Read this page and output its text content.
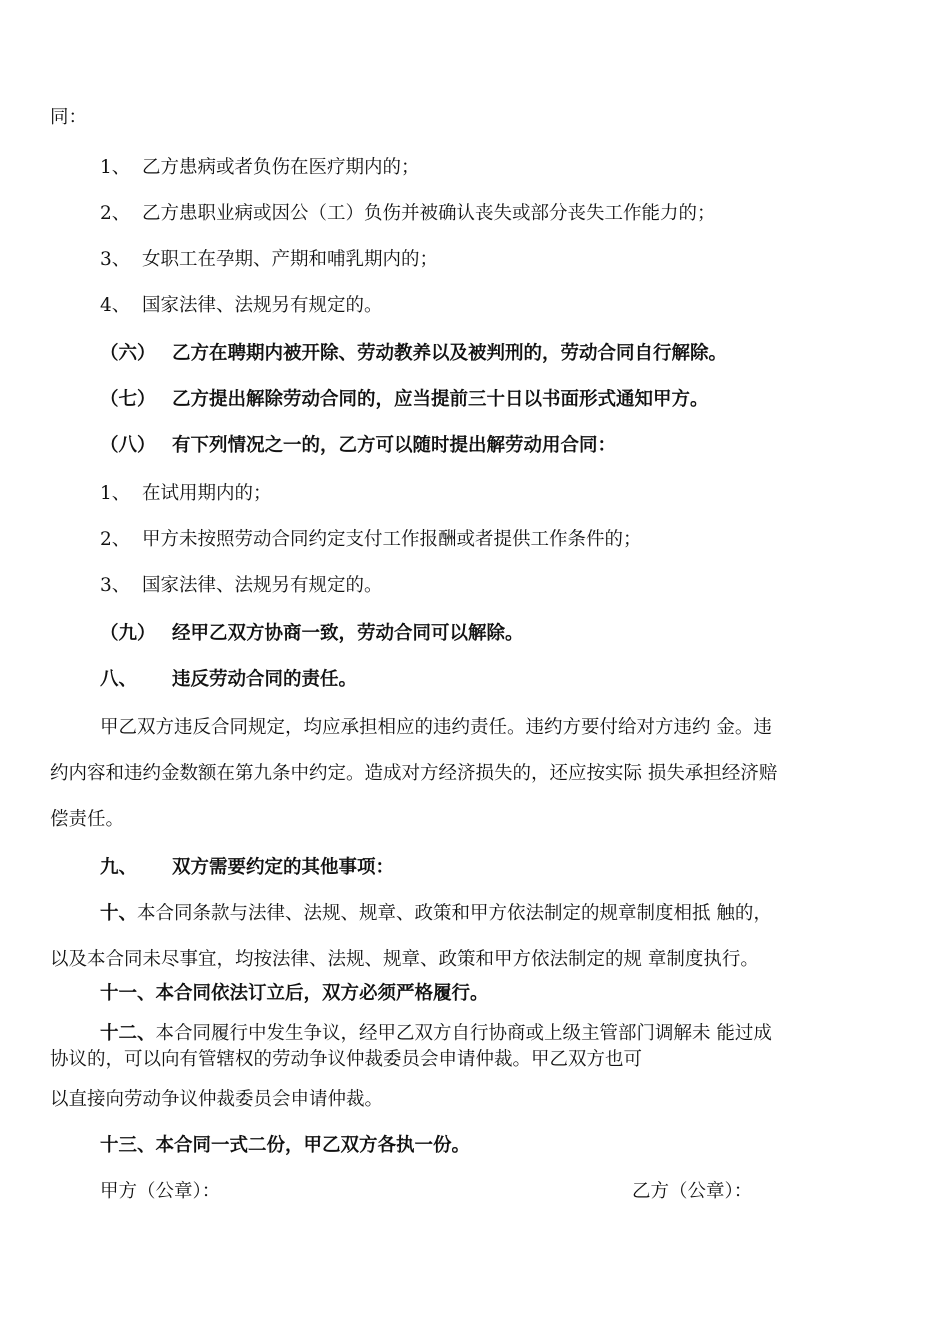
同：
1、 乙方患病或者负伤在医疗期内的；
2、 乙方患职业病或因公（工）负伤并被确认丧失或部分丧失工作能力的；
3、 女职工在孕期、产期和哺乳期内的；
4、 国家法律、法规另有规定的。
（六） 乙方在聘期内被开除、劳动教养以及被判刑的，劳动合同自行解除。
（七） 乙方提出解除劳动合同的，应当提前三十日以书面形式通知甲方。
（八） 有下列情况之一的，乙方可以随时提出解劳动用合同：
1、 在试用期内的；
2、 甲方未按照劳动合同约定支付工作报酬或者提供工作条件的；
3、 国家法律、法规另有规定的。
（九） 经甲乙双方协商一致，劳动合同可以解除。
八、 违反劳动合同的责任。
甲乙双方违反合同规定，均应承担相应的违约责任。违约方要付给对方违约 金。违
约内容和违约金数额在第九条中约定。造成对方经济损失的，还应按实际 损失承担经济赔
偿责任。
九、 双方需要约定的其他事项：
十、本合同条款与法律、法规、规章、政策和甲方依法制定的规章制度相抵 触的，
以及本合同未尽事宜，均按法律、法规、规章、政策和甲方依法制定的规 章制度执行。
十一、本合同依法订立后，双方必须严格履行。
十二、本合同履行中发生争议，经甲乙双方自行协商或上级主管部门调解未 能过成
协议的，可以向有管辖权的劳动争议仲裁委员会申请仲裁。甲乙双方也可
以直接向劳动争议仲裁委员会申请仲裁。
十三、本合同一式二份，甲乙双方各执一份。
甲方（公章）：	乙方（公章）：
